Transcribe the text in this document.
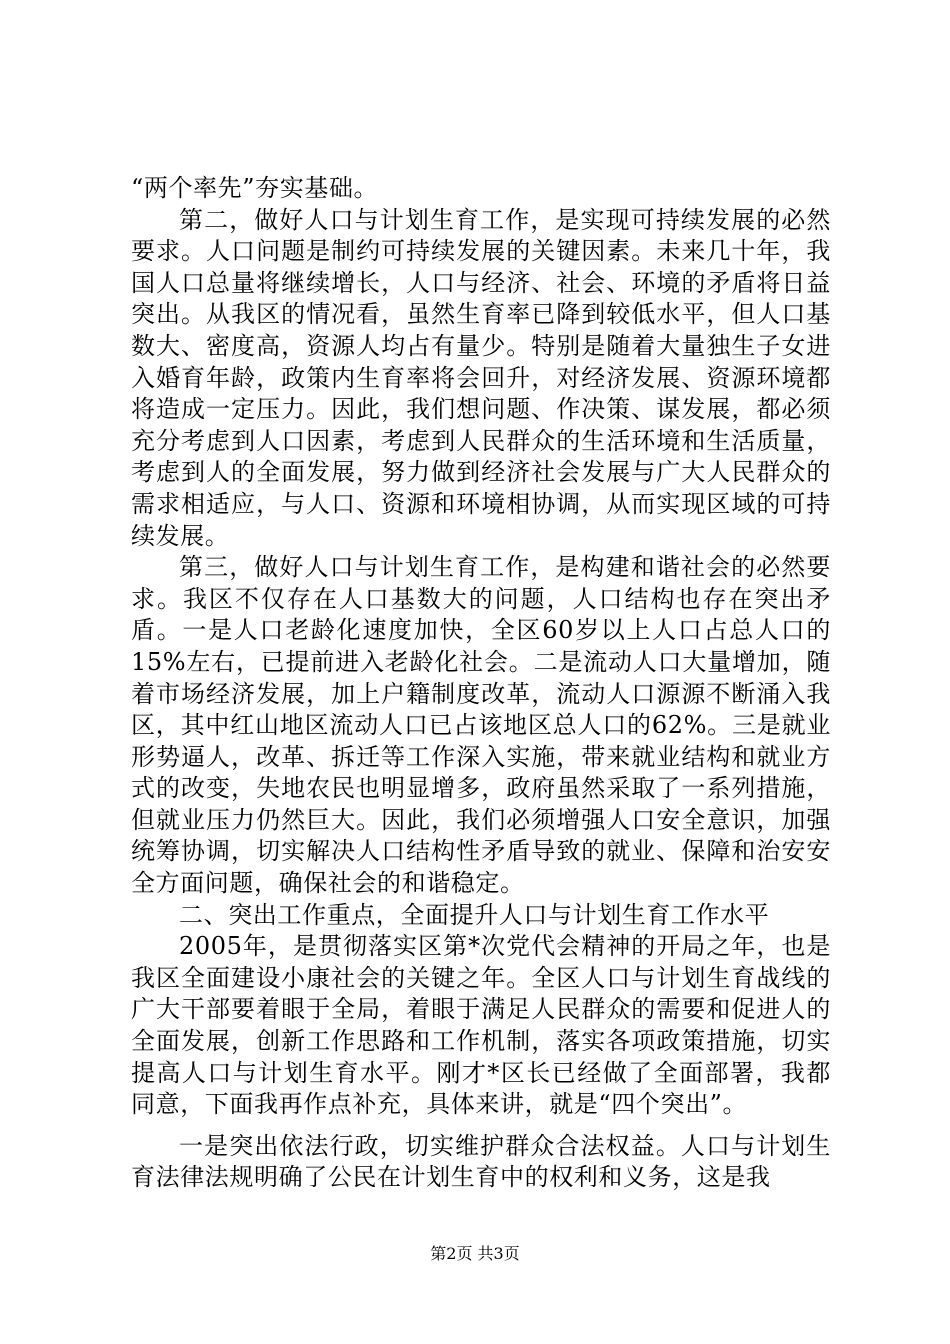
“两个率先”夯实基础。

第二，做好人口与计划生育工作，是实现可持续发展的必然要求。人口问题是制约可持续发展的关键因素。未来几十年，我国人口总量将继续增长，人口与经济、社会、环境的矛盾将日益突出。从我区的情况看，虽然生育率已降到较低水平，但人口基数大、密度高，资源人均占有量少。特别是随着大量独生子女进入婚育年龄，政策内生育率将会回升，对经济发展、资源环境都将造成一定压力。因此，我们想问题、作决策、谋发展，都必须充分考虑到人口因素，考虑到人民群众的生活环境和生活质量，考虑到人的全面发展，努力做到经济社会发展与广大人民群众的需求相适应，与人口、资源和环境相协调，从而实现区域的可持续发展。

第三，做好人口与计划生育工作，是构建和谐社会的必然要求。我区不仅存在人口基数大的问题，人口结构也存在突出矛盾。一是人口老龄化速度加快，全区60岁以上人口占总人口的15%左右，已提前进入老龄化社会。二是流动人口大量增加，随着市场经济发展，加上户籍制度改革，流动人口源源不断涌入我区，其中红山地区流动人口已占该地区总人口的62%。三是就业形势逼人，改革、拆迁等工作深入实施，带来就业结构和就业方式的改变，失地农民也明显增多，政府虽然采取了一系列措施，但就业压力仍然巨大。因此，我们必须增强人口安全意识，加强统筹协调，切实解决人口结构性矛盾导致的就业、保障和治安安全方面问题，确保社会的和谐稳定。

二、突出工作重点，全面提升人口与计划生育工作水平

2005年，是贯彻落实区第*次党代会精神的开局之年，也是我区全面建设小康社会的关键之年。全区人口与计划生育战线的广大干部要着眼于全局，着眼于满足人民群众的需要和促进人的全面发展，创新工作思路和工作机制，落实各项政策措施，切实提高人口与计划生育水平。刚才*区长已经做了全面部署，我都同意，下面我再作点补充，具体来讲，就是“四个突出”。

一是突出依法行政，切实维护群众合法权益。人口与计划生育法律法规明确了公民在计划生育中的权利和义务，这是我

第2页 共3页
